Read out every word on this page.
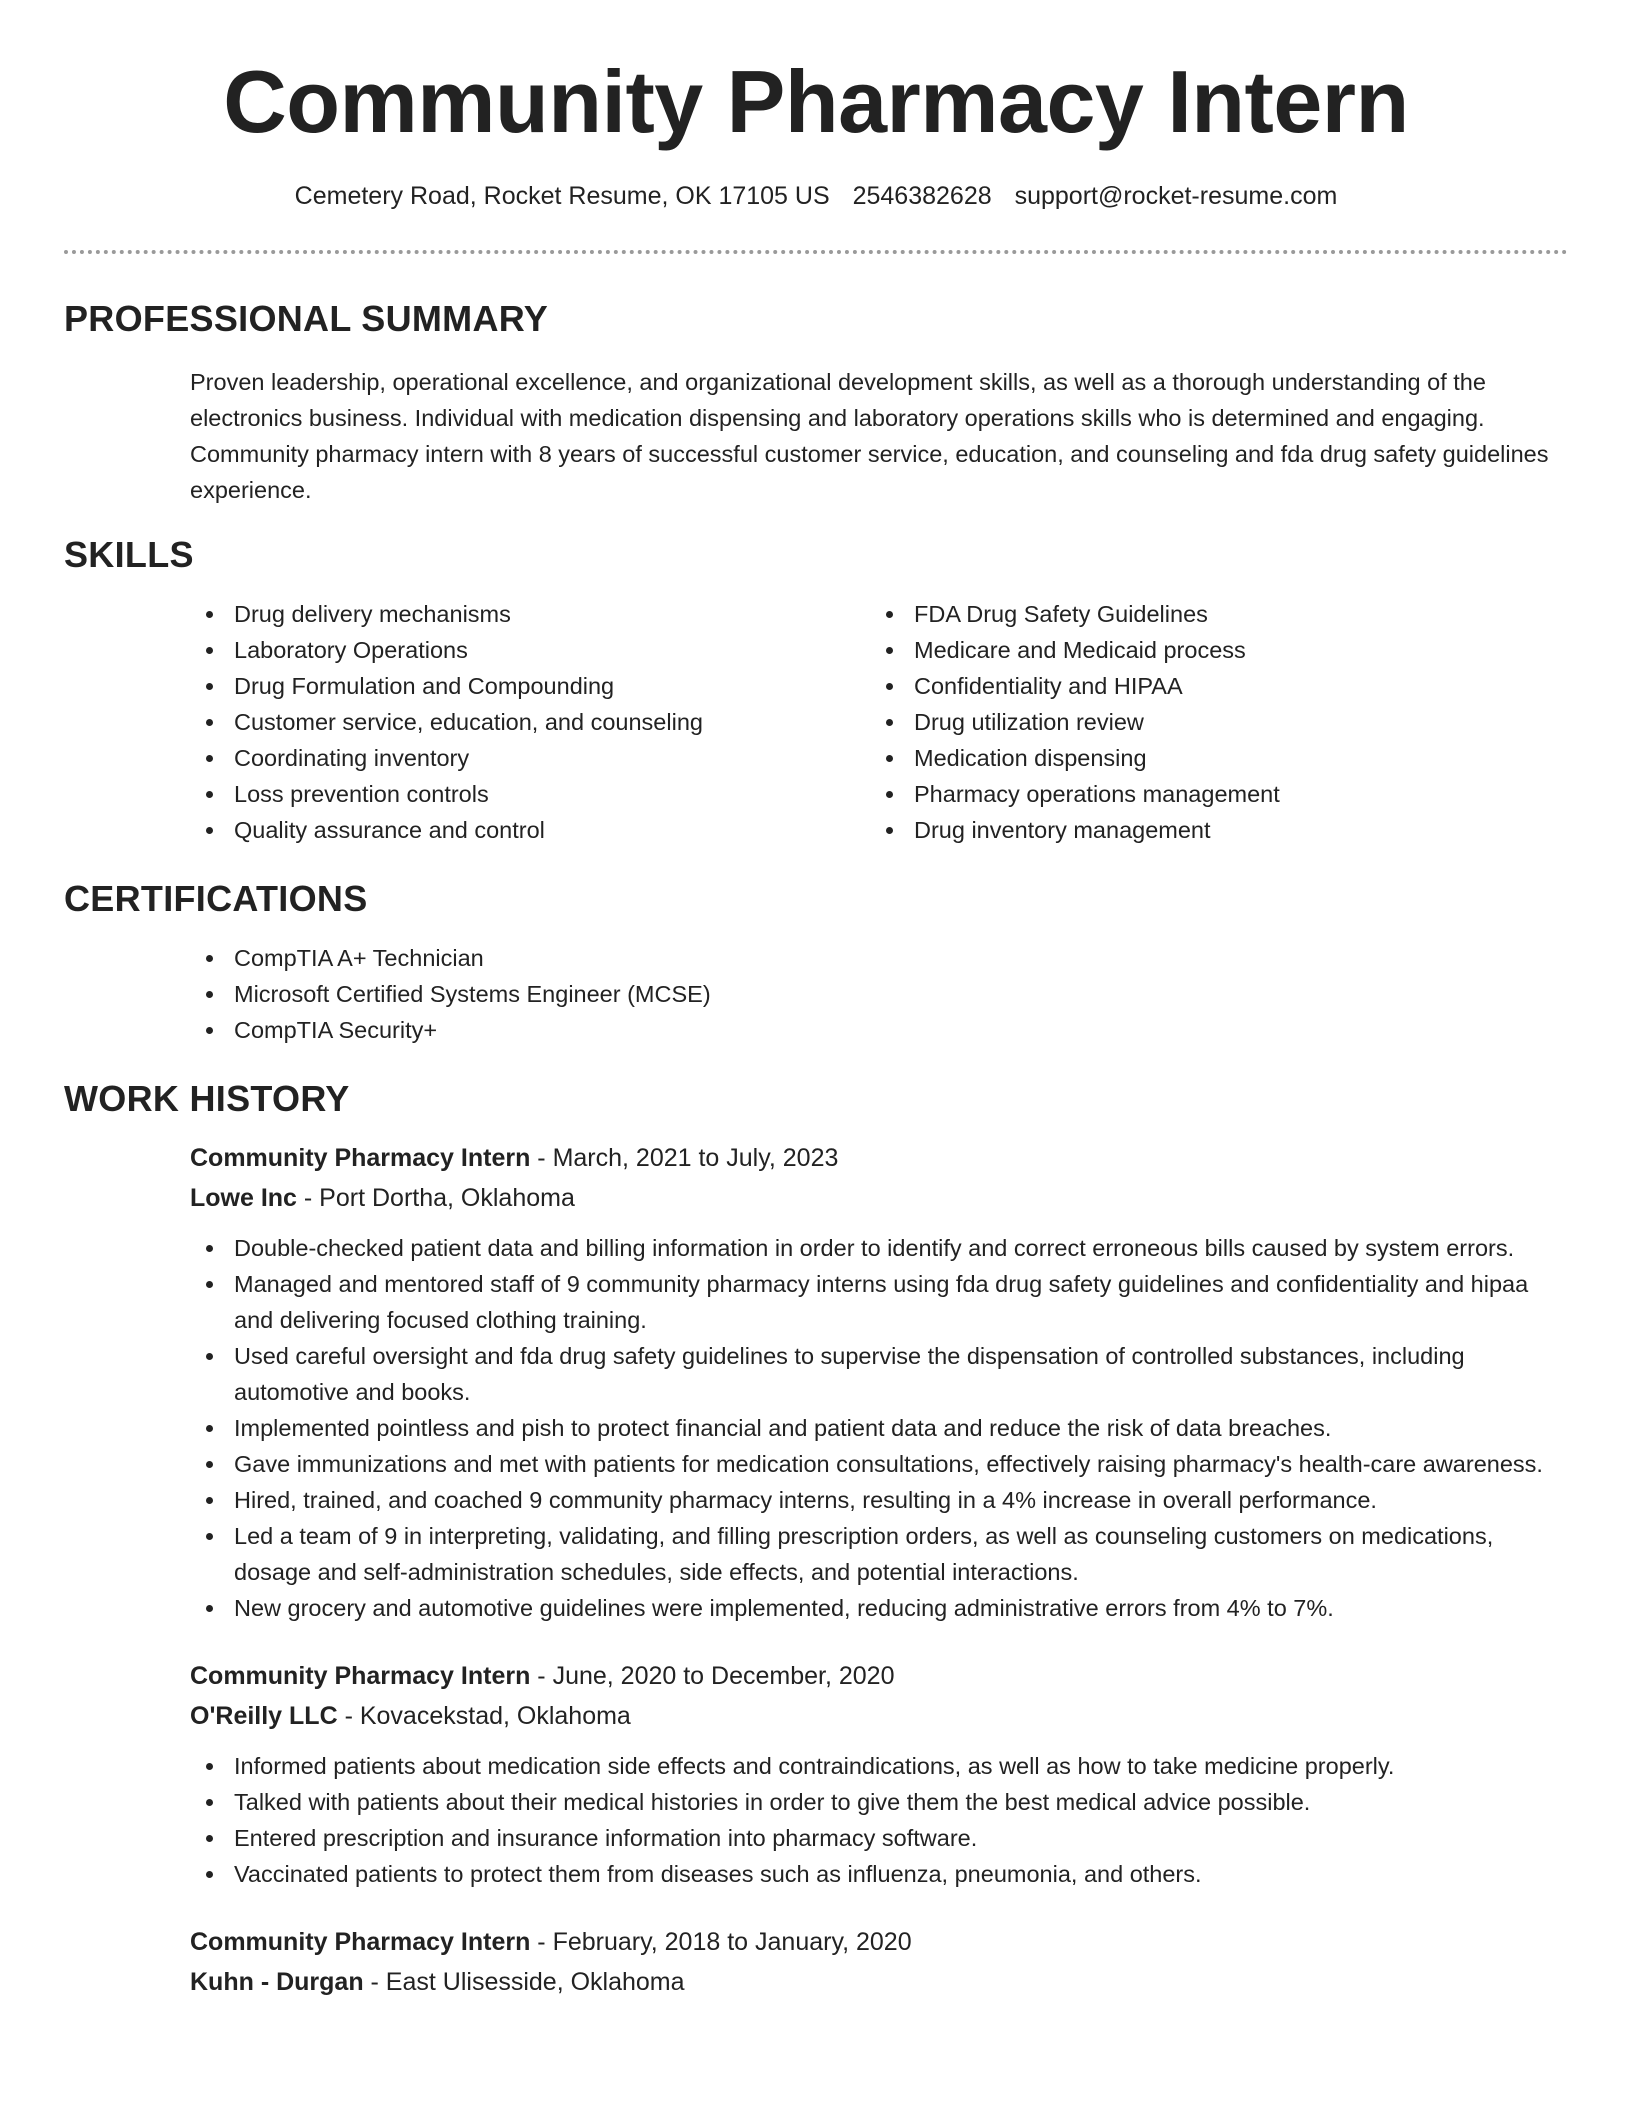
Community Pharmacy Intern
Cemetery Road, Rocket Resume, OK 17105 US 2546382628 support@rocket-resume.com
PROFESSIONAL SUMMARY
Proven leadership, operational excellence, and organizational development skills, as well as a thorough understanding of the electronics business. Individual with medication dispensing and laboratory operations skills who is determined and engaging. Community pharmacy intern with 8 years of successful customer service, education, and counseling and fda drug safety guidelines experience.
SKILLS
Drug delivery mechanisms
Laboratory Operations
Drug Formulation and Compounding
Customer service, education, and counseling
Coordinating inventory
Loss prevention controls
Quality assurance and control
FDA Drug Safety Guidelines
Medicare and Medicaid process
Confidentiality and HIPAA
Drug utilization review
Medication dispensing
Pharmacy operations management
Drug inventory management
CERTIFICATIONS
CompTIA A+ Technician
Microsoft Certified Systems Engineer (MCSE)
CompTIA Security+
WORK HISTORY
Community Pharmacy Intern - March, 2021 to July, 2023
Lowe Inc - Port Dortha, Oklahoma
Double-checked patient data and billing information in order to identify and correct erroneous bills caused by system errors.
Managed and mentored staff of 9 community pharmacy interns using fda drug safety guidelines and confidentiality and hipaa and delivering focused clothing training.
Used careful oversight and fda drug safety guidelines to supervise the dispensation of controlled substances, including automotive and books.
Implemented pointless and pish to protect financial and patient data and reduce the risk of data breaches.
Gave immunizations and met with patients for medication consultations, effectively raising pharmacy's health-care awareness.
Hired, trained, and coached 9 community pharmacy interns, resulting in a 4% increase in overall performance.
Led a team of 9 in interpreting, validating, and filling prescription orders, as well as counseling customers on medications, dosage and self-administration schedules, side effects, and potential interactions.
New grocery and automotive guidelines were implemented, reducing administrative errors from 4% to 7%.
Community Pharmacy Intern - June, 2020 to December, 2020
O'Reilly LLC - Kovacekstad, Oklahoma
Informed patients about medication side effects and contraindications, as well as how to take medicine properly.
Talked with patients about their medical histories in order to give them the best medical advice possible.
Entered prescription and insurance information into pharmacy software.
Vaccinated patients to protect them from diseases such as influenza, pneumonia, and others.
Community Pharmacy Intern - February, 2018 to January, 2020
Kuhn - Durgan - East Ulisesside, Oklahoma
